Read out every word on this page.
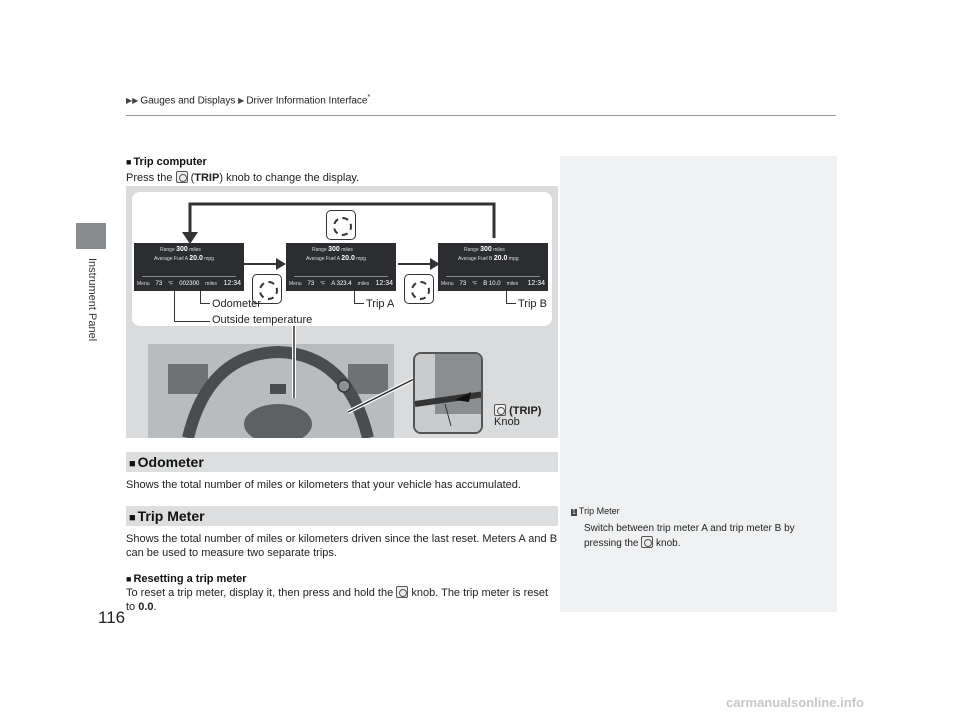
Instrument Panel
116
▶▶ Gauges and Displays ▶ Driver Information Interface*
■ Trip computer
Press the  (TRIP) knob to change the display.
Range 300 miles
Average Fuel A 20.0 mpg
Menu 73 °F 002300 miles 12:34
Range 300 miles
Average Fuel A 20.0 mpg
Menu 73 °F A 323.4 miles 12:34
Range 300 miles
Average Fuel B 20.0 mpg
Menu 73 °F B 10.0 miles 12:34
Odometer
Outside temperature
Trip A	Trip B
(TRIP)
Knob
■ Odometer
Shows the total number of miles or kilometers that your vehicle has accumulated.
■ Trip Meter
Shows the total number of miles or kilometers driven since the last reset. Meters A and B can be used to measure two separate trips.
■ Resetting a trip meter
To reset a trip meter, display it, then press and hold the knob. The trip meter is reset to 0.0.
1 Trip Meter
Switch between trip meter A and trip meter B by pressing the knob.
carmanualsonline.info
